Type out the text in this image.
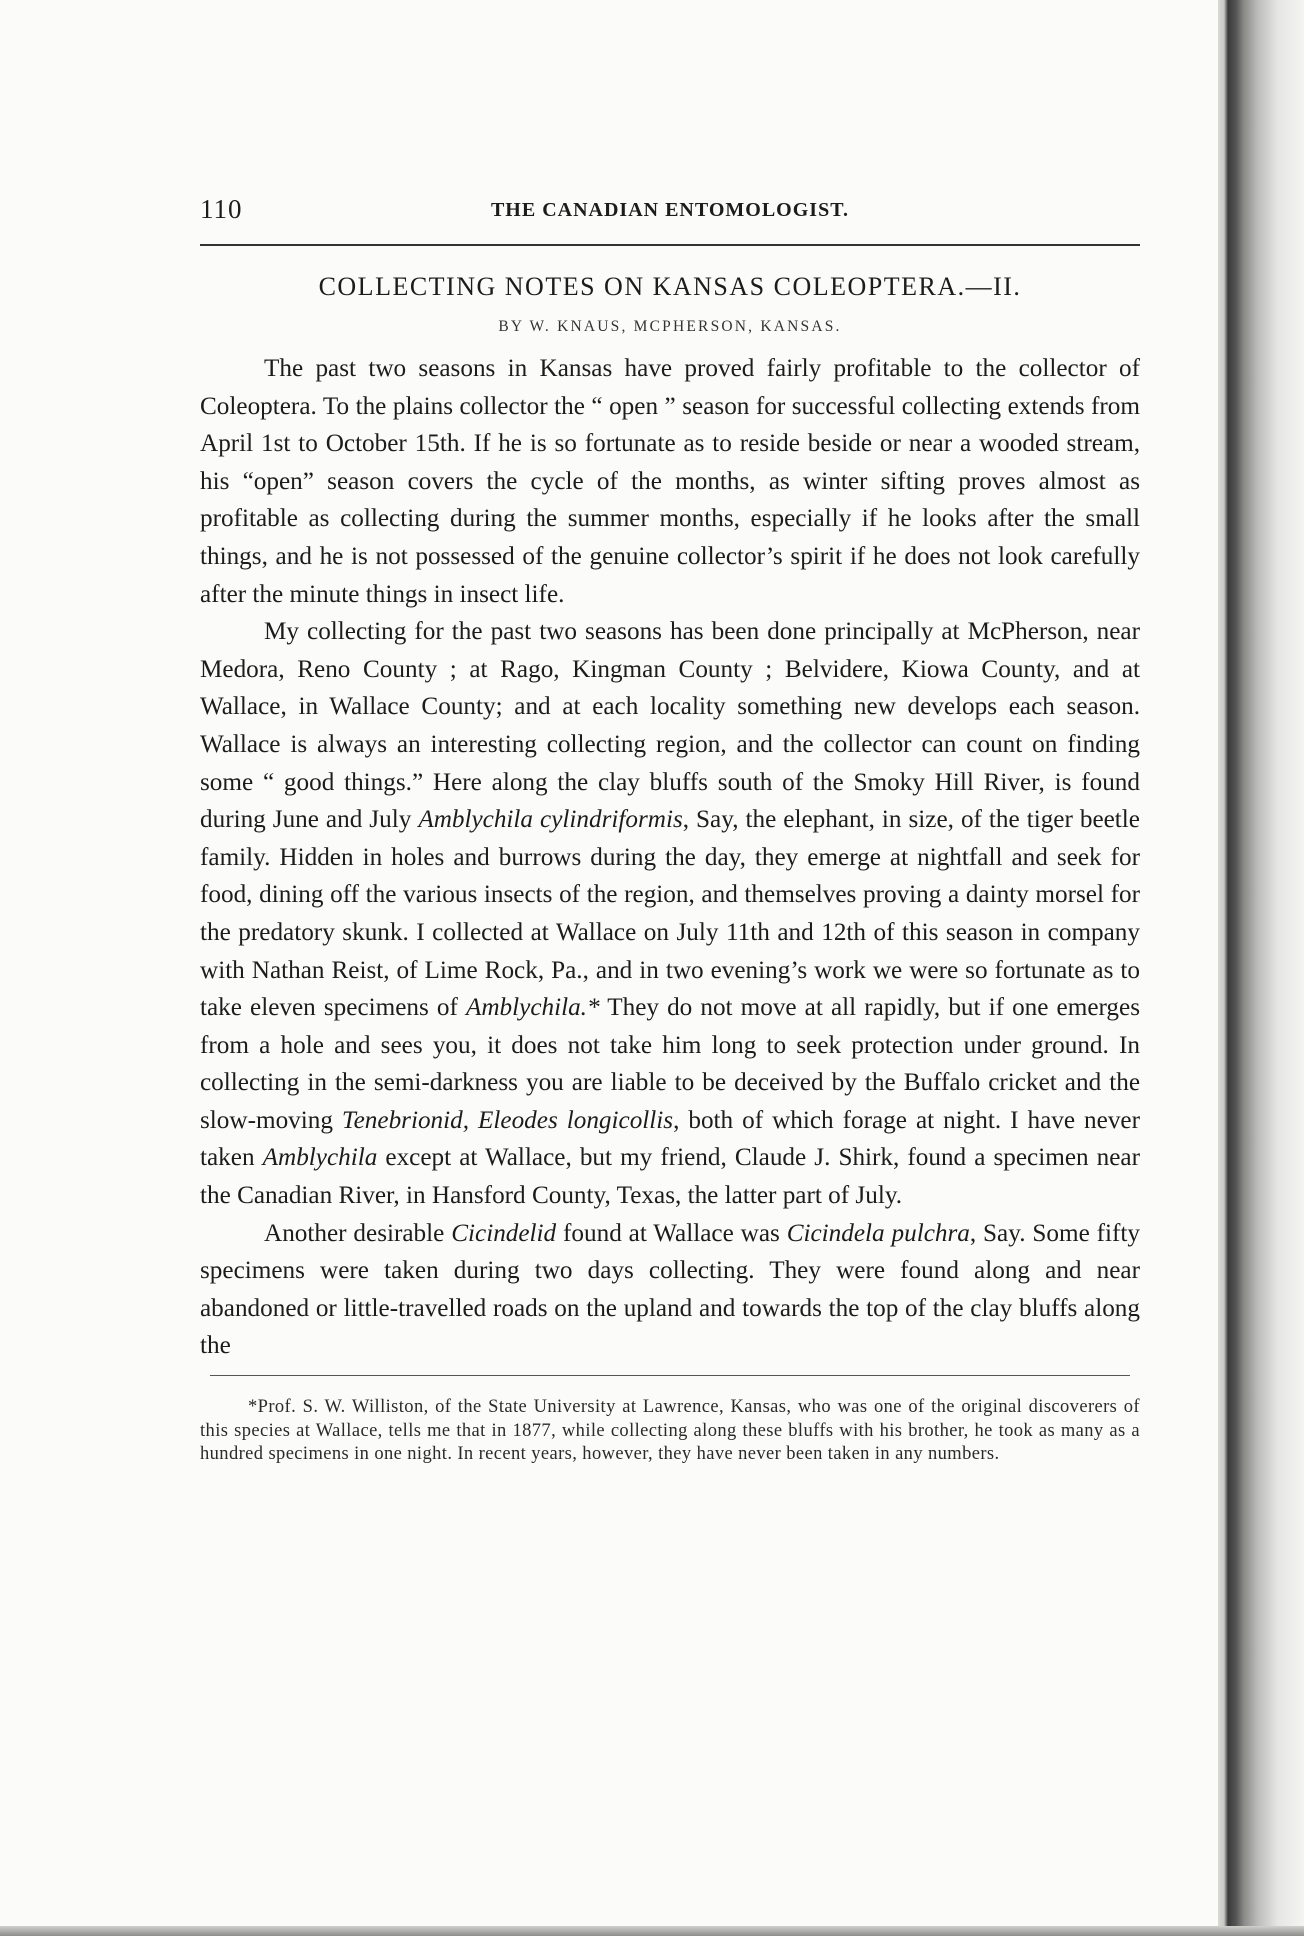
110	THE CANADIAN ENTOMOLOGIST.
COLLECTING NOTES ON KANSAS COLEOPTERA.—II.
BY W. KNAUS, MCPHERSON, KANSAS.

The past two seasons in Kansas have proved fairly profitable to the collector of Coleoptera. To the plains collector the “ open ” season for successful collecting extends from April 1st to October 15th. If he is so fortunate as to reside beside or near a wooded stream, his “open” season covers the cycle of the months, as winter sifting proves almost as profitable as collecting during the summer months, especially if he looks after the small things, and he is not possessed of the genuine collector’s spirit if he does not look carefully after the minute things in insect life.

My collecting for the past two seasons has been done principally at McPherson, near Medora, Reno County ; at Rago, Kingman County ; Belvidere, Kiowa County, and at Wallace, in Wallace County; and at each locality something new develops each season. Wallace is always an interesting collecting region, and the collector can count on finding some “ good things.” Here along the clay bluffs south of the Smoky Hill River, is found during June and July Amblychila cylindriformis, Say, the elephant, in size, of the tiger beetle family. Hidden in holes and burrows during the day, they emerge at nightfall and seek for food, dining off the various insects of the region, and themselves proving a dainty morsel for the predatory skunk. I collected at Wallace on July 11th and 12th of this season in company with Nathan Reist, of Lime Rock, Pa., and in two evening’s work we were so fortunate as to take eleven specimens of Amblychila.* They do not move at all rapidly, but if one emerges from a hole and sees you, it does not take him long to seek protection under ground. In collecting in the semi-darkness you are liable to be deceived by the Buffalo cricket and the slow-moving Tenebrionid, Eleodes longicollis, both of which forage at night. I have never taken Amblychila except at Wallace, but my friend, Claude J. Shirk, found a specimen near the Canadian River, in Hansford County, Texas, the latter part of July.

Another desirable Cicindelid found at Wallace was Cicindela pulchra, Say. Some fifty specimens were taken during two days collecting. They were found along and near abandoned or little-travelled roads on the upland and towards the top of the clay bluffs along the

*Prof. S. W. Williston, of the State University at Lawrence, Kansas, who was one of the original discoverers of this species at Wallace, tells me that in 1877, while collecting along these bluffs with his brother, he took as many as a hundred specimens in one night. In recent years, however, they have never been taken in any numbers.
